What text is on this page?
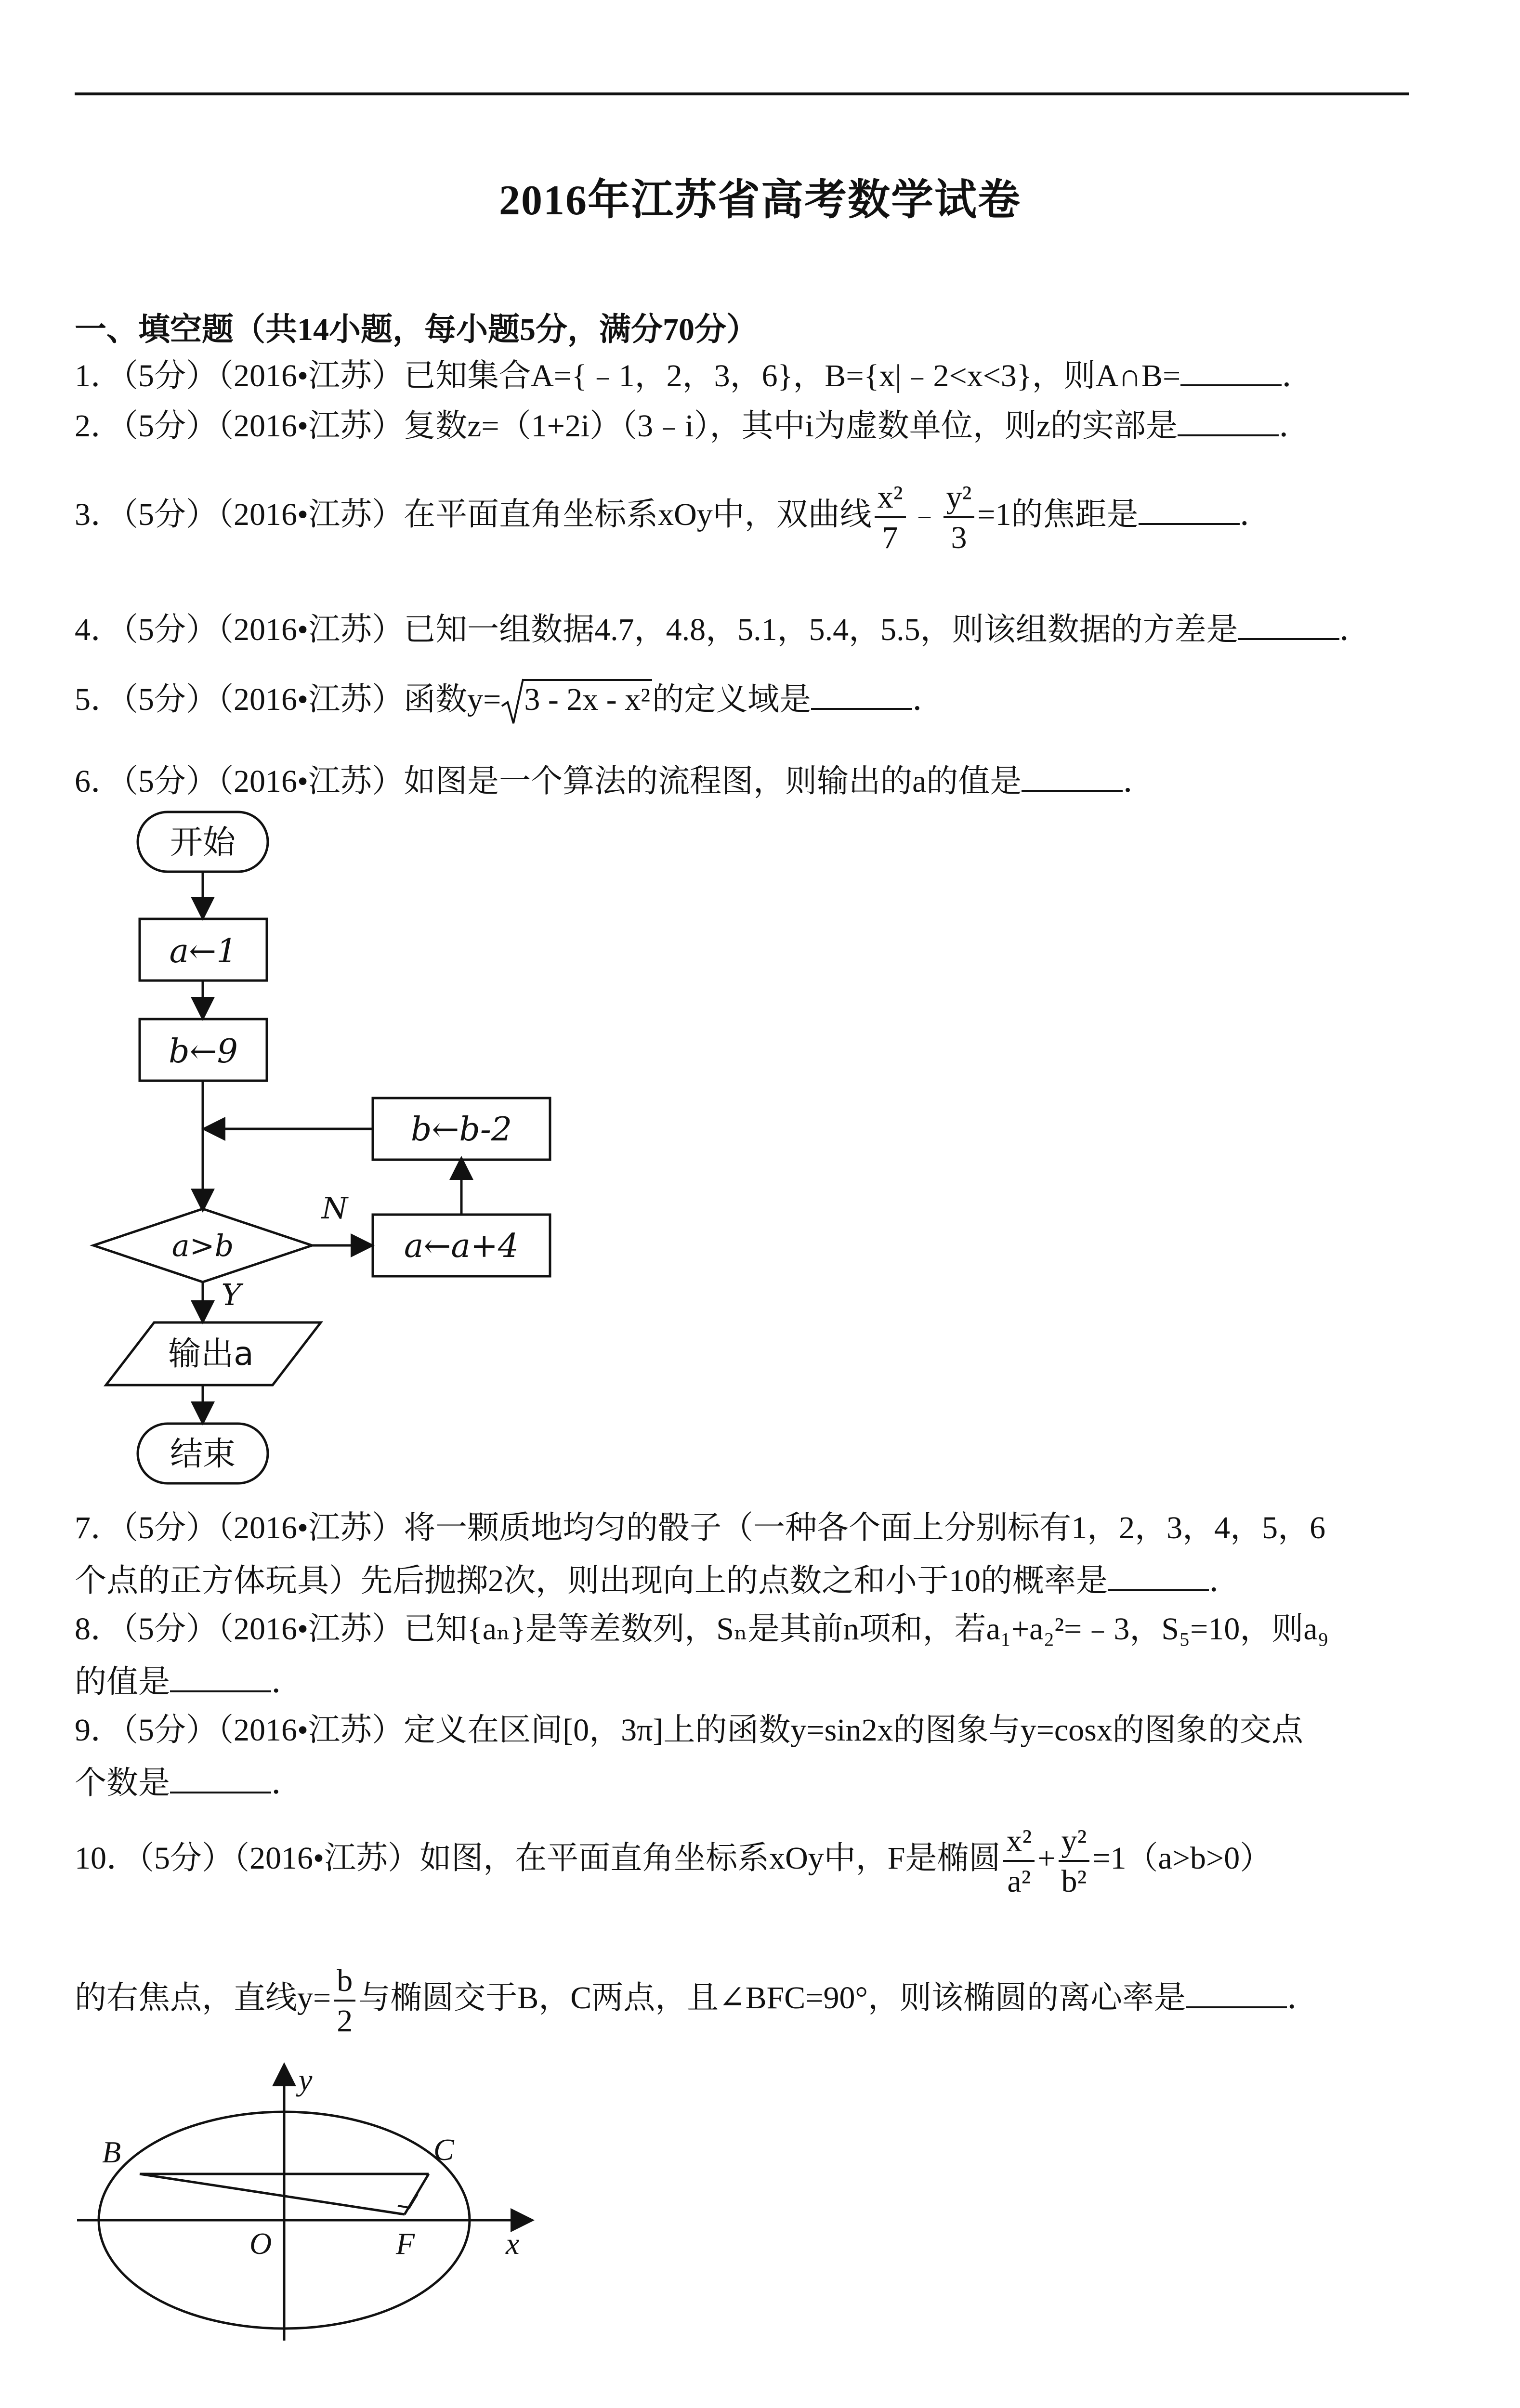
2016年江苏省高考数学试卷
一、填空题（共14小题，每小题5分，满分70分）
1．（5分）（2016•江苏）已知集合A={﹣1，2，3，6}，B={x|﹣2<x<3}，则A∩B=	．
2．（5分）（2016•江苏）复数z=（1+2i）（3﹣i），其中i为虚数单位，则z的实部是	．
3．（5分）（2016•江苏）在平面直角坐标系xOy中，双曲线 $\frac{\text{x²}}{7}$ ﹣ $\frac{\text{y²}}{3} =1$的焦距是	．
4．（5分）（2016•江苏）已知一组数据4.7，4.8，5.1，5.4，5.5，则该组数据的方差是	．
5．（5分）（2016•江苏）函数y= 3 - 2x - x²的定义域是	．
6．（5分）（2016•江苏）如图是一个算法的流程图，则输出的a的值是	．
开始
a←1
b←9
a>b
N
Y
a←a+4
b←b-2
输出a
结束
7．（5分）（2016•江苏）将一颗质地均匀的骰子（一种各个面上分别标有1，2，3，4，5，6
个点的正方体玩具）先后抛掷2次，则出现向上的点数之和小于10的概率是	．
8．（5分）（2016•江苏）已知{aₙ}是等差数列，Sₙ是其前n项和，若a₁+a₂²=﹣3，S₅=10，则a₉
的值是	．
9．（5分）（2016•江苏）定义在区间[0，3π]上的函数y=sin2x的图象与y=cosx的图象的交点
个数是	．
10．（5分）（2016•江苏）如图，在平面直角坐标系xOy中，F是椭圆 $\frac{\text{x²}}{\text{a²}} + \frac{\text{y²}}{\text{b²}} =1(a>b>0)$
的右焦点，直线$y= \frac{b}{2}$ 与椭圆交于B，C两点，且∠BFC=90°，则该椭圆的离心率是	．
y
x
B	C
O	F
